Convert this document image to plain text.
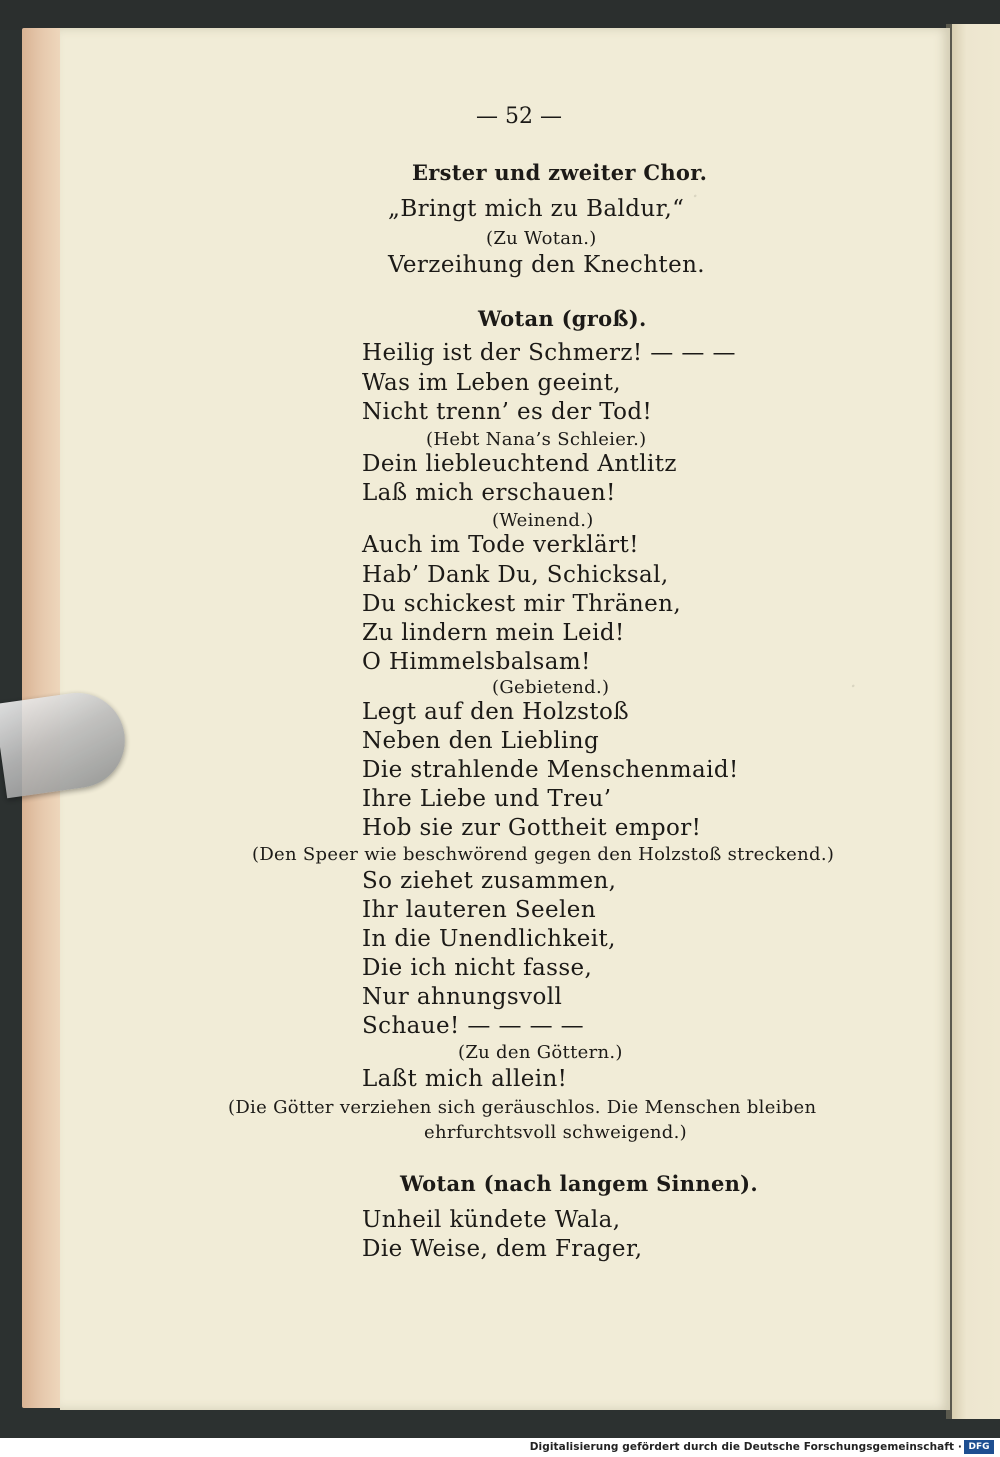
.
.
— 52 —
Erster und zweiter Chor.
„Bringt mich zu Baldur,“
(Zu Wotan.)
Verzeihung den Knechten.
Wotan (groß).
Heilig ist der Schmerz! — — —
Was im Leben geeint,
Nicht trenn’ es der Tod!
(Hebt Nana’s Schleier.)
Dein liebleuchtend Antlitz
Laß mich erschauen!
(Weinend.)
Auch im Tode verklärt!
Hab’ Dank Du, Schicksal,
Du schickest mir Thränen,
Zu lindern mein Leid!
O Himmelsbalsam!
(Gebietend.)
Legt auf den Holzstoß
Neben den Liebling
Die strahlende Menschenmaid!
Ihre Liebe und Treu’
Hob sie zur Gottheit empor!
(Den Speer wie beschwörend gegen den Holzstoß streckend.)
So ziehet zusammen,
Ihr lauteren Seelen
In die Unendlichkeit,
Die ich nicht fasse,
Nur ahnungsvoll
Schaue! — — — —
(Zu den Göttern.)
Laßt mich allein!
(Die Götter verziehen sich geräuschlos. Die Menschen bleiben
ehrfurchtsvoll schweigend.)
Wotan (nach langem Sinnen).
Unheil kündete Wala,
Die Weise, dem Frager,
Digitalisierung gefördert durch die Deutsche Forschungsgemeinschaft · DFG
